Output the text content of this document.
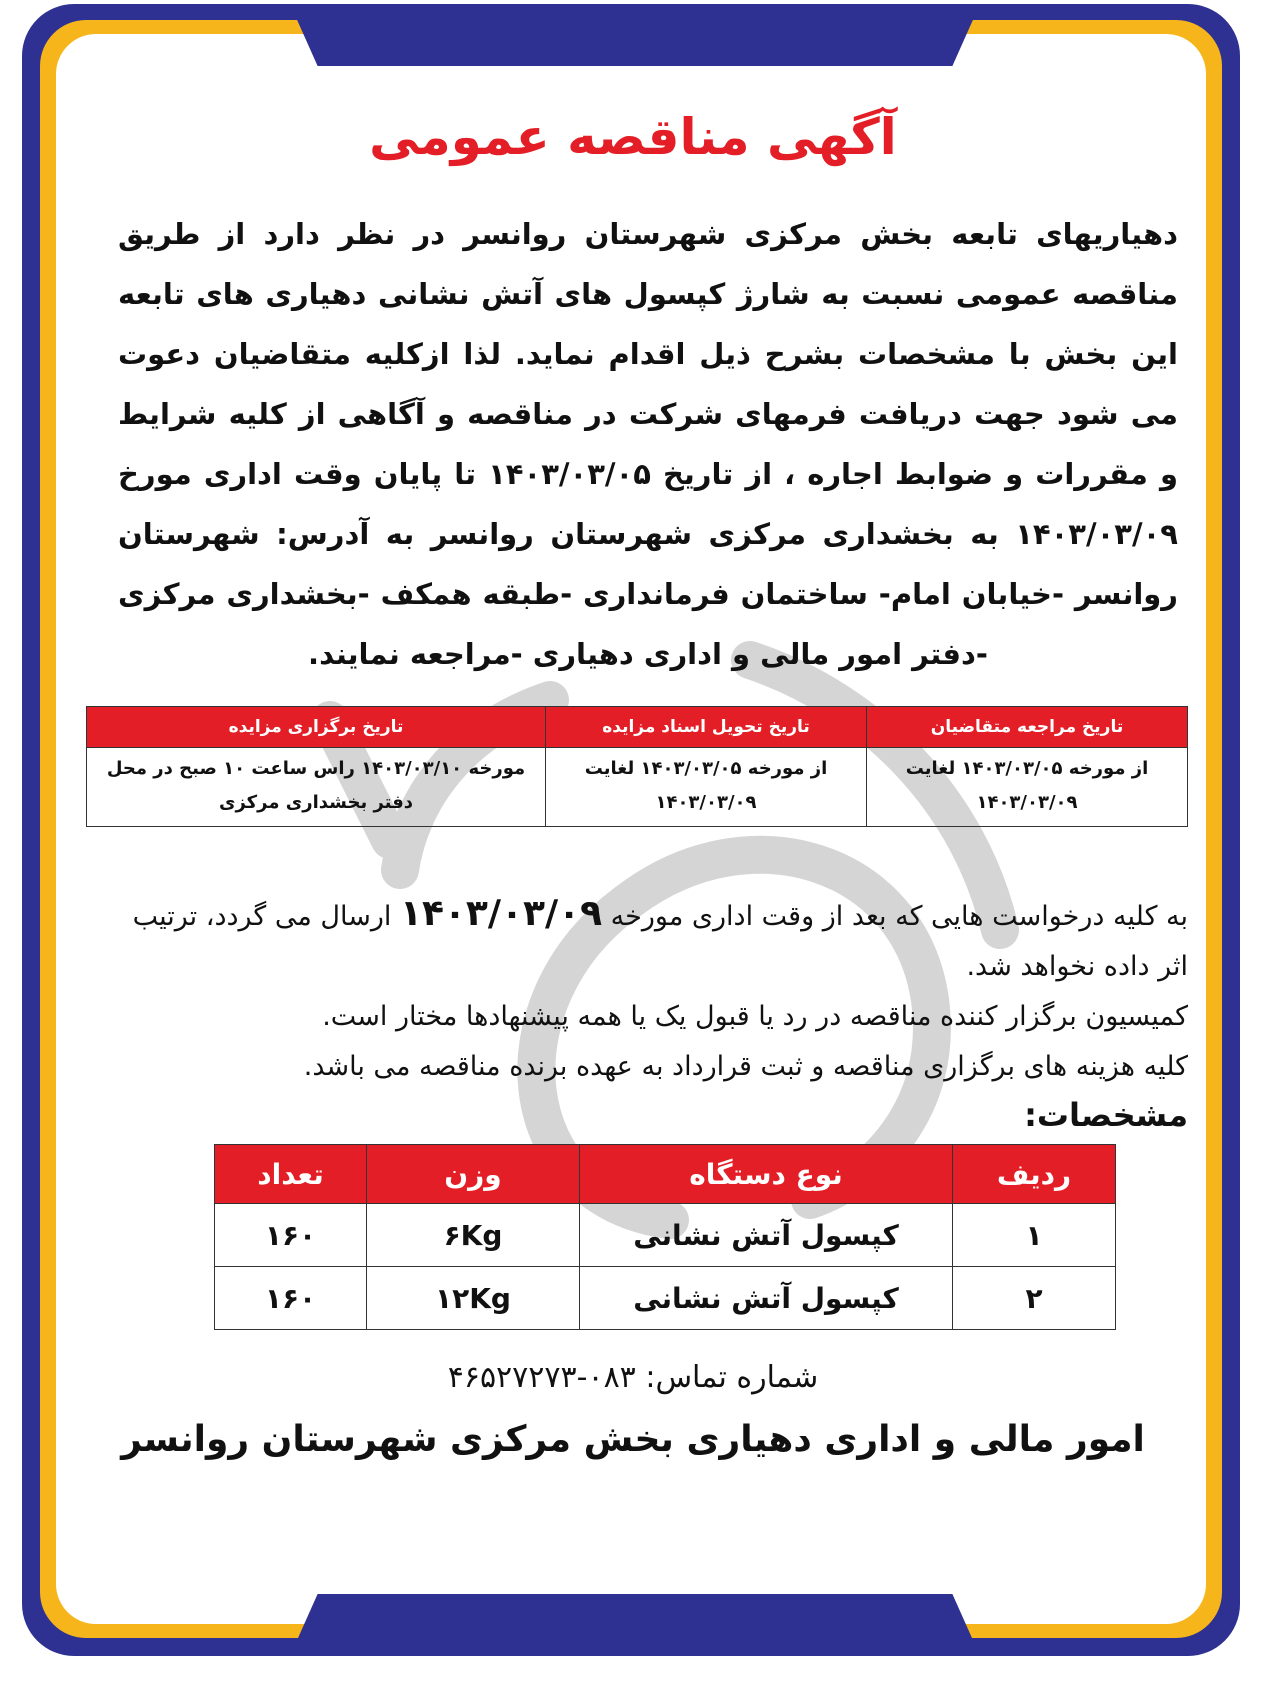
آگهی مناقصه عمومی
دهیاریهای تابعه بخش مرکزی شهرستان روانسر در نظر دارد از طریق مناقصه عمومی نسبت به شارژ کپسول های آتش نشانی دهیاری های تابعه این بخش با مشخصات بشرح ذیل اقدام نماید. لذا ازکلیه متقاضیان دعوت می شود جهت دریافت فرمهای شرکت در مناقصه و آگاهی از کلیه شرایط و مقررات و ضوابط اجاره ، از تاریخ ۱۴۰۳/۰۳/۰۵ تا پایان وقت اداری مورخ ۱۴۰۳/۰۳/۰۹ به بخشداری مرکزی شهرستان روانسر به آدرس: شهرستان روانسر -خیابان امام- ساختمان فرمانداری -طبقه همکف -بخشداری مرکزی -دفتر امور مالی و اداری دهیاری -مراجعه نمایند.
تاریخ مراجعه متقاضیان	تاریخ تحویل اسناد مزایده	تاریخ برگزاری مزایده
از مورخه ۱۴۰۳/۰۳/۰۵ لغایت ۱۴۰۳/۰۳/۰۹	از مورخه ۱۴۰۳/۰۳/۰۵ لغایت ۱۴۰۳/۰۳/۰۹	مورخه ۱۴۰۳/۰۳/۱۰ راس ساعت ۱۰ صبح در محل دفتر بخشداری مرکزی
به کلیه درخواست هایی که بعد از وقت اداری مورخه ۱۴۰۳/۰۳/۰۹ ارسال می گردد، ترتیب اثر داده نخواهد شد.
کمیسیون برگزار کننده مناقصه در رد یا قبول یک یا همه پیشنهادها مختار است.
کلیه هزینه های برگزاری مناقصه و ثبت قرارداد به عهده برنده مناقصه می باشد.
مشخصات:
ردیف	نوع دستگاه	وزن	تعداد
۱	کپسول آتش نشانی	۶Kg	۱۶۰
۲	کپسول آتش نشانی	۱۲Kg	۱۶۰
شماره تماس: ۰۸۳-۴۶۵۲۷۲۷۳
امور مالی و اداری دهیاری بخش مرکزی شهرستان روانسر
